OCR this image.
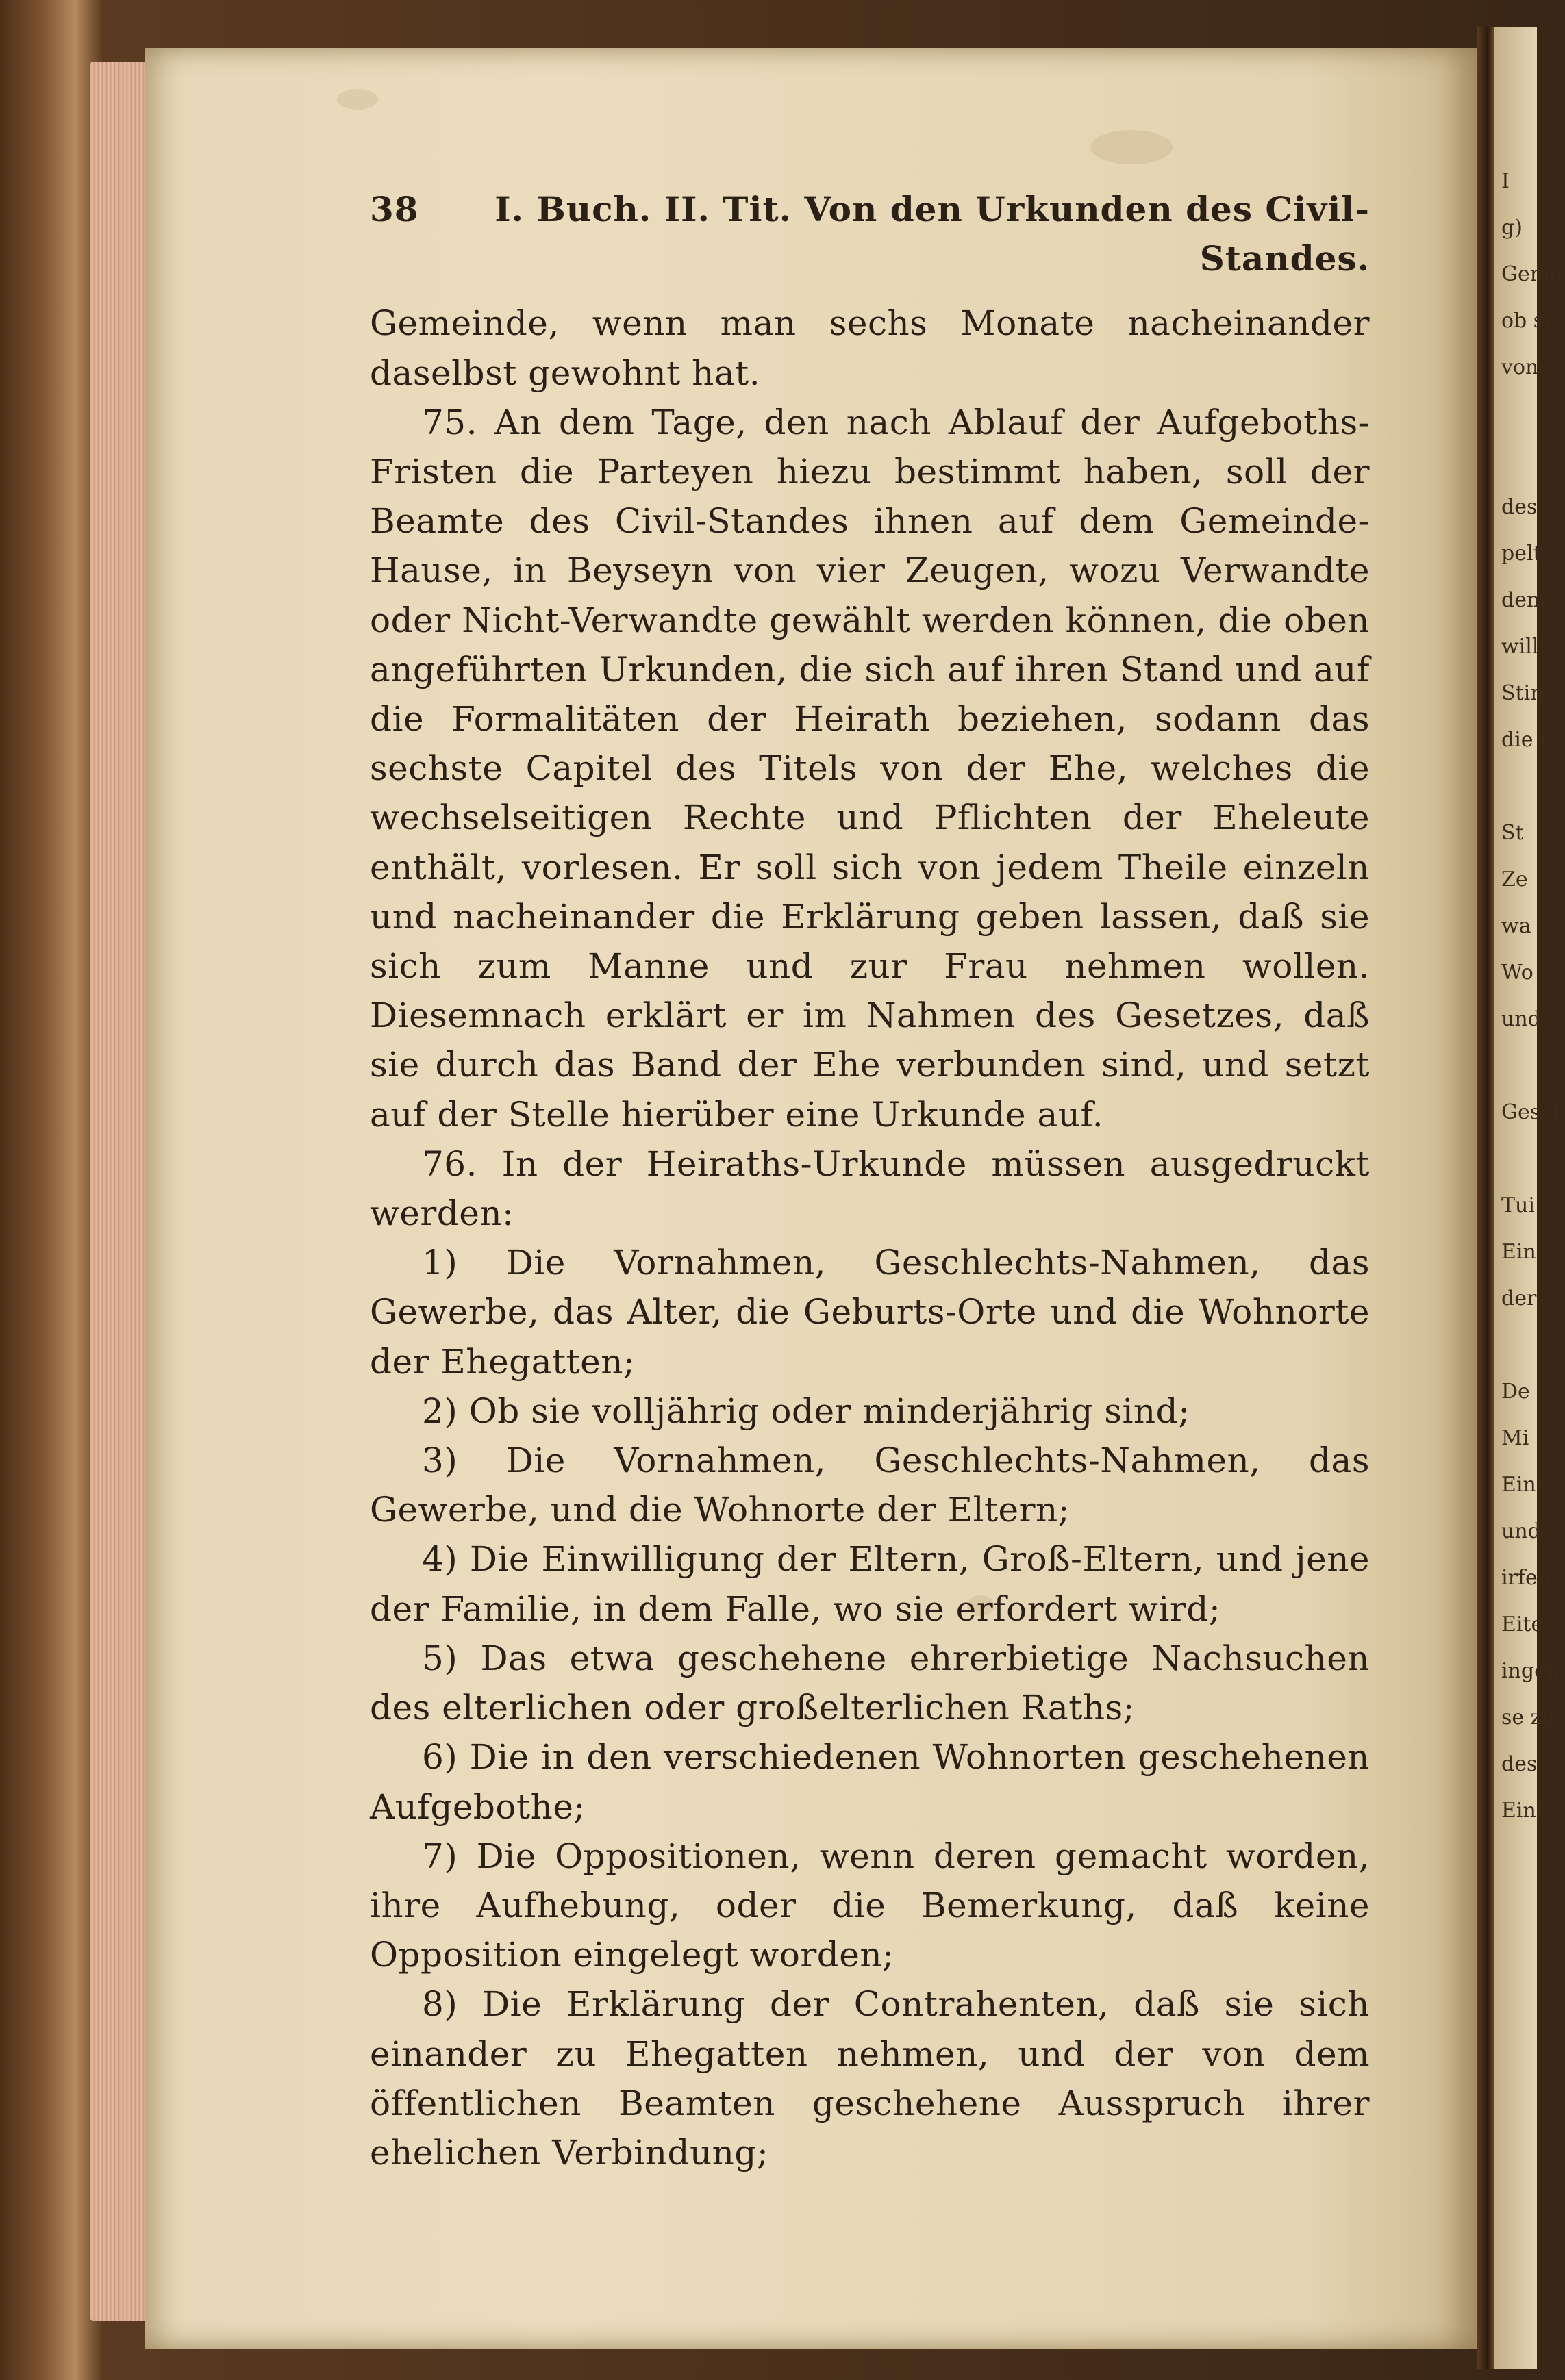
I
g)
Geme
ob si
von
des
pelt
dem
will
Stim
die i
St
Ze
wa
Wo
und
Gesch
Tui
Ein
der
De
Mi
Einf
und
irfen
Eiter
ingen
se zu
des
Einf
38	I. Buch. II. Tit. Von den Urkunden des Civil-Standes.

Gemeinde, wenn man sechs Monate nacheinander daselbst gewohnt hat.

75. An dem Tage, den nach Ablauf der Aufgeboths-Fristen die Parteyen hiezu bestimmt haben, soll der Beamte des Civil-Standes ihnen auf dem Gemeinde-Hause, in Beyseyn von vier Zeugen, wozu Verwandte oder Nicht-Verwandte gewählt werden können, die oben angeführten Urkunden, die sich auf ihren Stand und auf die Formalitäten der Heirath beziehen, sodann das sechste Capitel des Titels von der Ehe, welches die wechselseitigen Rechte und Pflichten der Eheleute enthält, vorlesen. Er soll sich von jedem Theile einzeln und nacheinander die Erklärung geben lassen, daß sie sich zum Manne und zur Frau nehmen wollen. Diesemnach erklärt er im Nahmen des Gesetzes, daß sie durch das Band der Ehe verbunden sind, und setzt auf der Stelle hierüber eine Urkunde auf.

76. In der Heiraths-Urkunde müssen ausgedruckt werden:

1) Die Vornahmen, Geschlechts-Nahmen, das Gewerbe, das Alter, die Geburts-Orte und die Wohnorte der Ehegatten;

2) Ob sie volljährig oder minderjährig sind;

3) Die Vornahmen, Geschlechts-Nahmen, das Gewerbe, und die Wohnorte der Eltern;

4) Die Einwilligung der Eltern, Groß-Eltern, und jene der Familie, in dem Falle, wo sie erfordert wird;

5) Das etwa geschehene ehrerbietige Nachsuchen des elterlichen oder großelterlichen Raths;

6) Die in den verschiedenen Wohnorten geschehenen Aufgebothe;

7) Die Oppositionen, wenn deren gemacht worden, ihre Aufhebung, oder die Bemerkung, daß keine Opposition eingelegt worden;

8) Die Erklärung der Contrahenten, daß sie sich einander zu Ehegatten nehmen, und der von dem öffentlichen Beamten geschehene Ausspruch ihrer ehelichen Verbindung;
